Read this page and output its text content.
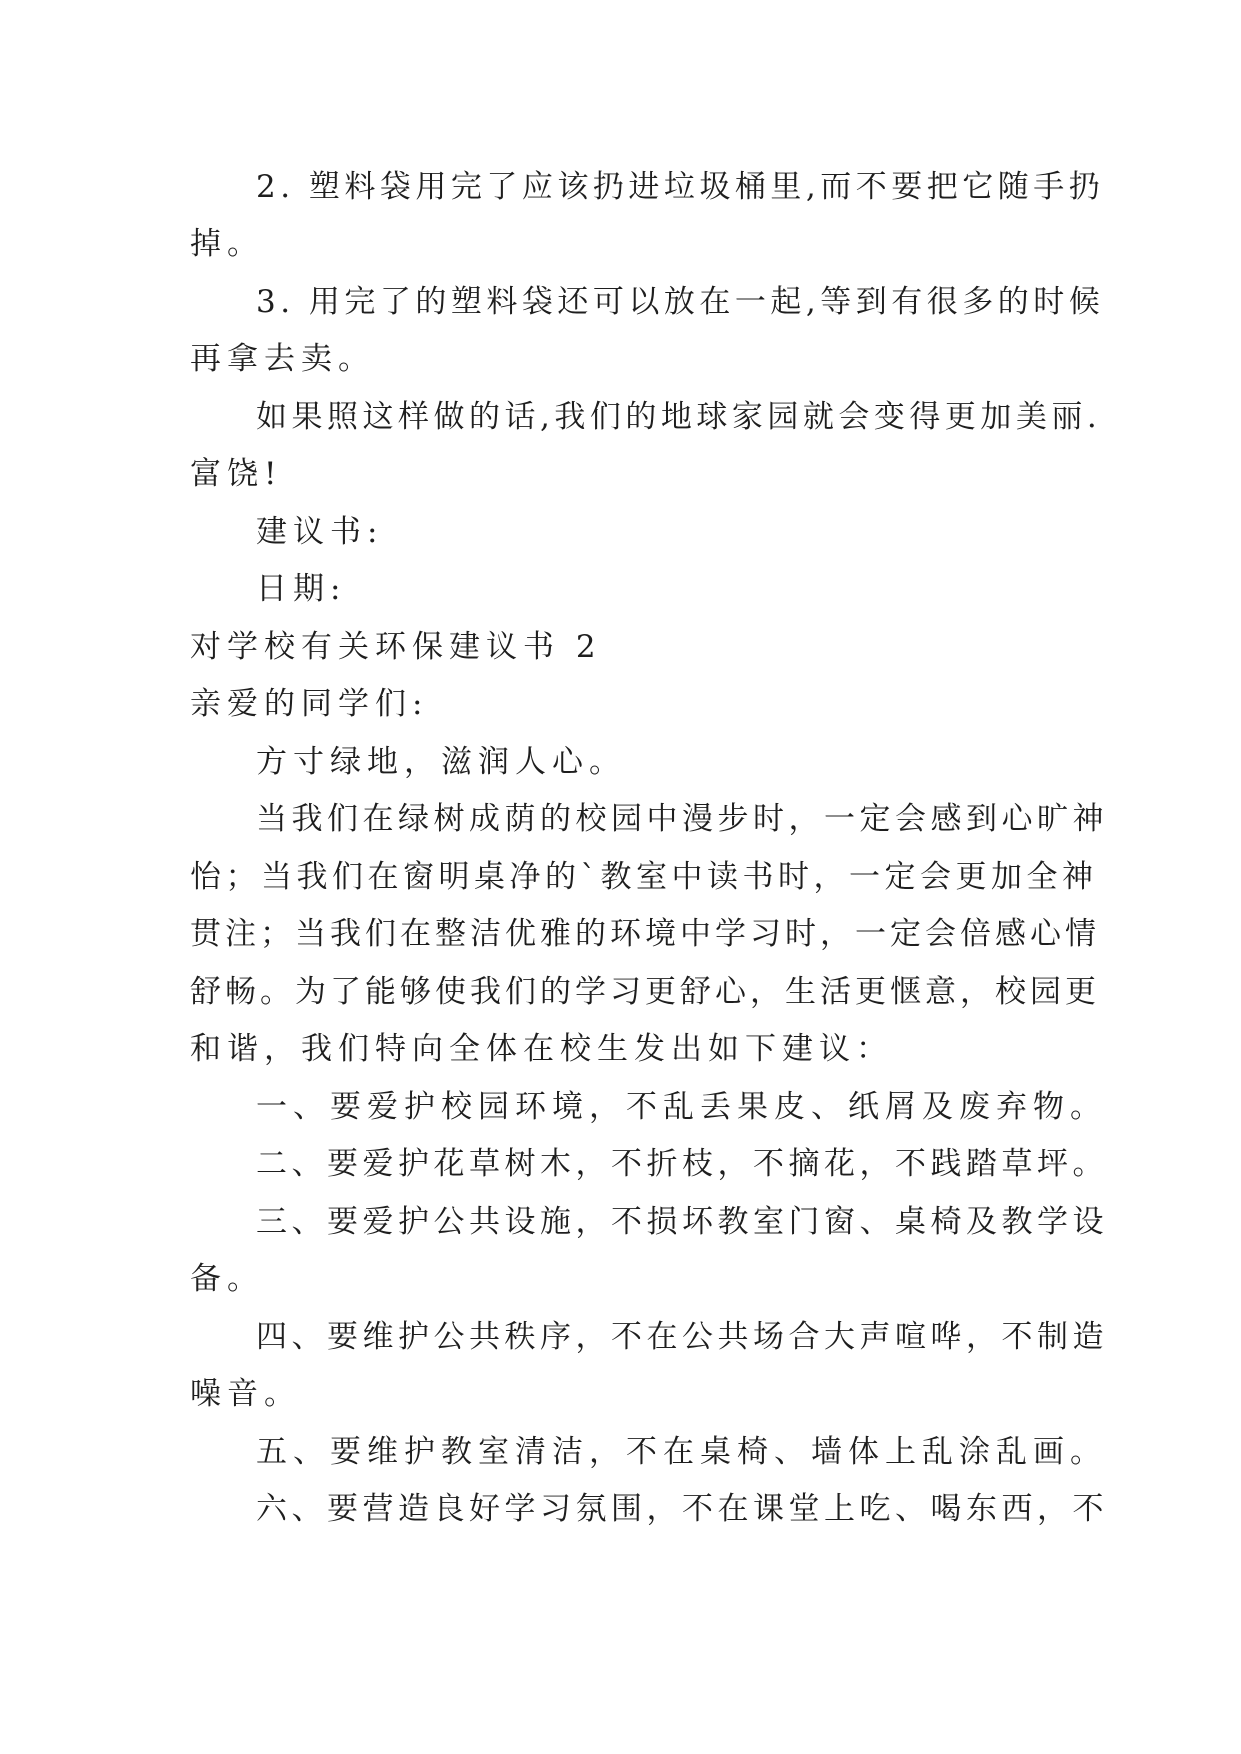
2. 塑料袋用完了应该扔进垃圾桶里,而不要把它随手扔
掉。
3. 用完了的塑料袋还可以放在一起,等到有很多的时候
再拿去卖。
如果照这样做的话,我们的地球家园就会变得更加美丽.
富饶!
建议书:
日期:
对学校有关环保建议书 2
亲爱的同学们:
方寸绿地，滋润人心。
当我们在绿树成荫的校园中漫步时，一定会感到心旷神
怡；当我们在窗明桌净的`教室中读书时，一定会更加全神
贯注；当我们在整洁优雅的环境中学习时，一定会倍感心情
舒畅。为了能够使我们的学习更舒心，生活更惬意，校园更
和谐，我们特向全体在校生发出如下建议：
一、要爱护校园环境，不乱丢果皮、纸屑及废弃物。
二、要爱护花草树木，不折枝，不摘花，不践踏草坪。
三、要爱护公共设施，不损坏教室门窗、桌椅及教学设
备。
四、要维护公共秩序，不在公共场合大声喧哗，不制造
噪音。
五、要维护教室清洁，不在桌椅、墙体上乱涂乱画。
六、要营造良好学习氛围，不在课堂上吃、喝东西，不
